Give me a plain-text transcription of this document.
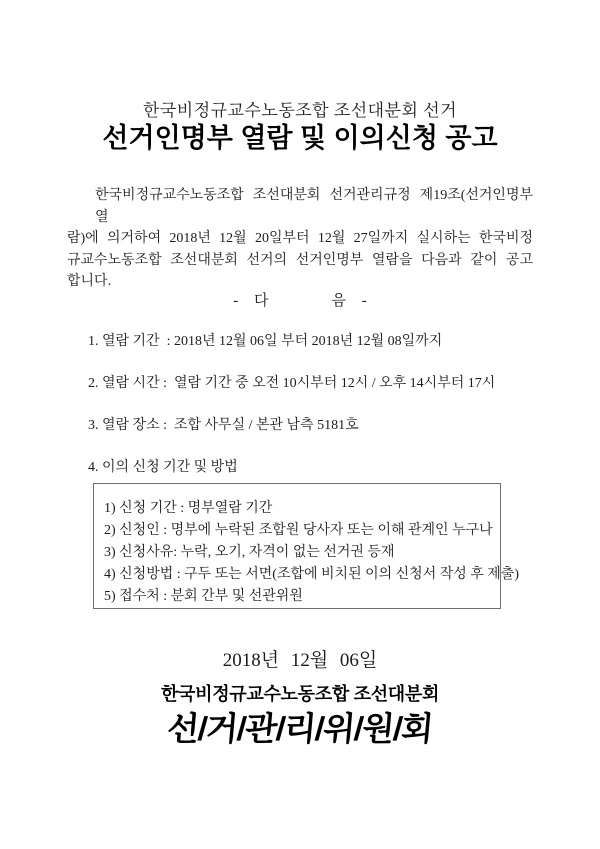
한국비정규교수노동조합 조선대분회 선거
선거인명부 열람 및 이의신청 공고
한국비정규교수노동조합 조선대분회 선거관리규정 제19조(선거인명부 열
람)에 의거하여 2018년 12월 20일부터 12월 27일까지 실시하는 한국비정
규교수노동조합 조선대분회 선거의 선거인명부 열람을 다음과 같이 공고
합니다.
- 다    음 -
1. 열람 기간  : 2018년 12월 06일 부터 2018년 12월 08일까지
2. 열람 시간 :  열람 기간 중 오전 10시부터 12시 / 오후 14시부터 17시
3. 열람 장소 :  조합 사무실 / 본관 남측 5181호
4. 이의 신청 기간 및 방법
1) 신청 기간 : 명부열람 기간
2) 신청인 : 명부에 누락된 조합원 당사자 또는 이해 관계인 누구나
3) 신청사유: 누락, 오기, 자격이 없는 선거권 등재
4) 신청방법 : 구두 또는 서면(조합에 비치된 이의 신청서 작성 후 제출)
5) 접수처 : 분회 간부 및 선관위원
2018년 12월 06일
한국비정규교수노동조합 조선대분회
선/거/관/리/위/원/회
